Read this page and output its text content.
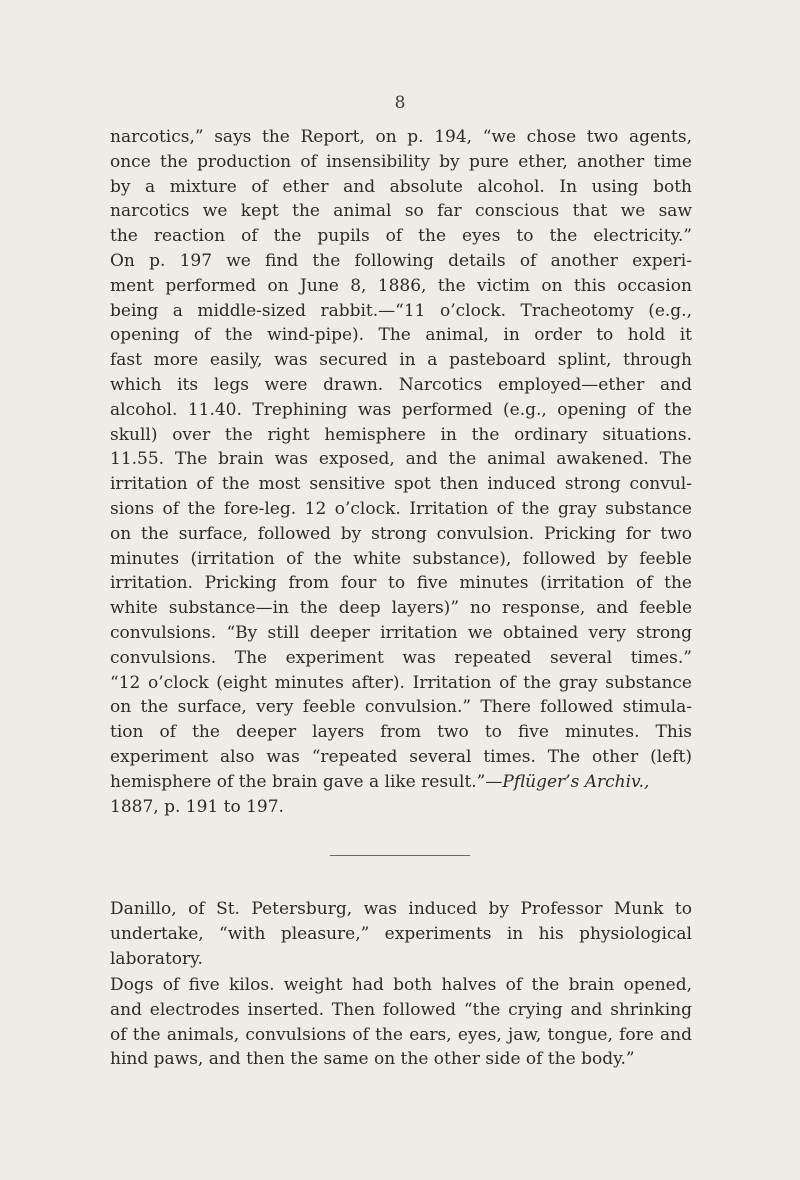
8
narcotics,” says the Report, on p. 194, “we chose two agents,
once the production of insensibility by pure ether, another time
by a mixture of ether and absolute alcohol. In using both
narcotics we kept the animal so far conscious that we saw
the reaction of the pupils of the eyes to the electricity.”
On p. 197 we find the following details of another experi-
ment performed on June 8, 1886, the victim on this occasion
being a middle-sized rabbit.—“11 o’clock. Tracheotomy (e.g.,
opening of the wind-pipe). The animal, in order to hold it
fast more easily, was secured in a pasteboard splint, through
which its legs were drawn. Narcotics employed—ether and
alcohol. 11.40. Trephining was performed (e.g., opening of the
skull) over the right hemisphere in the ordinary situations.
11.55. The brain was exposed, and the animal awakened. The
irritation of the most sensitive spot then induced strong convul-
sions of the fore-leg. 12 o’clock. Irritation of the gray substance
on the surface, followed by strong convulsion. Pricking for two
minutes (irritation of the white substance), followed by feeble
irritation. Pricking from four to five minutes (irritation of the
white substance—in the deep layers)” no response, and feeble
convulsions. “By still deeper irritation we obtained very strong
convulsions. The experiment was repeated several times.”
“12 o’clock (eight minutes after). Irritation of the gray substance
on the surface, very feeble convulsion.” There followed stimula-
tion of the deeper layers from two to five minutes. This
experiment also was “repeated several times. The other (left)
hemisphere of the brain gave a like result.”—Pflüger’s Archiv.,
1887, p. 191 to 197.
Danillo, of St. Petersburg, was induced by Professor Munk to
undertake, “with pleasure,” experiments in his physiological
laboratory.
Dogs of five kilos. weight had both halves of the brain opened,
and electrodes inserted. Then followed “the crying and shrinking
of the animals, convulsions of the ears, eyes, jaw, tongue, fore and
hind paws, and then the same on the other side of the body.”
